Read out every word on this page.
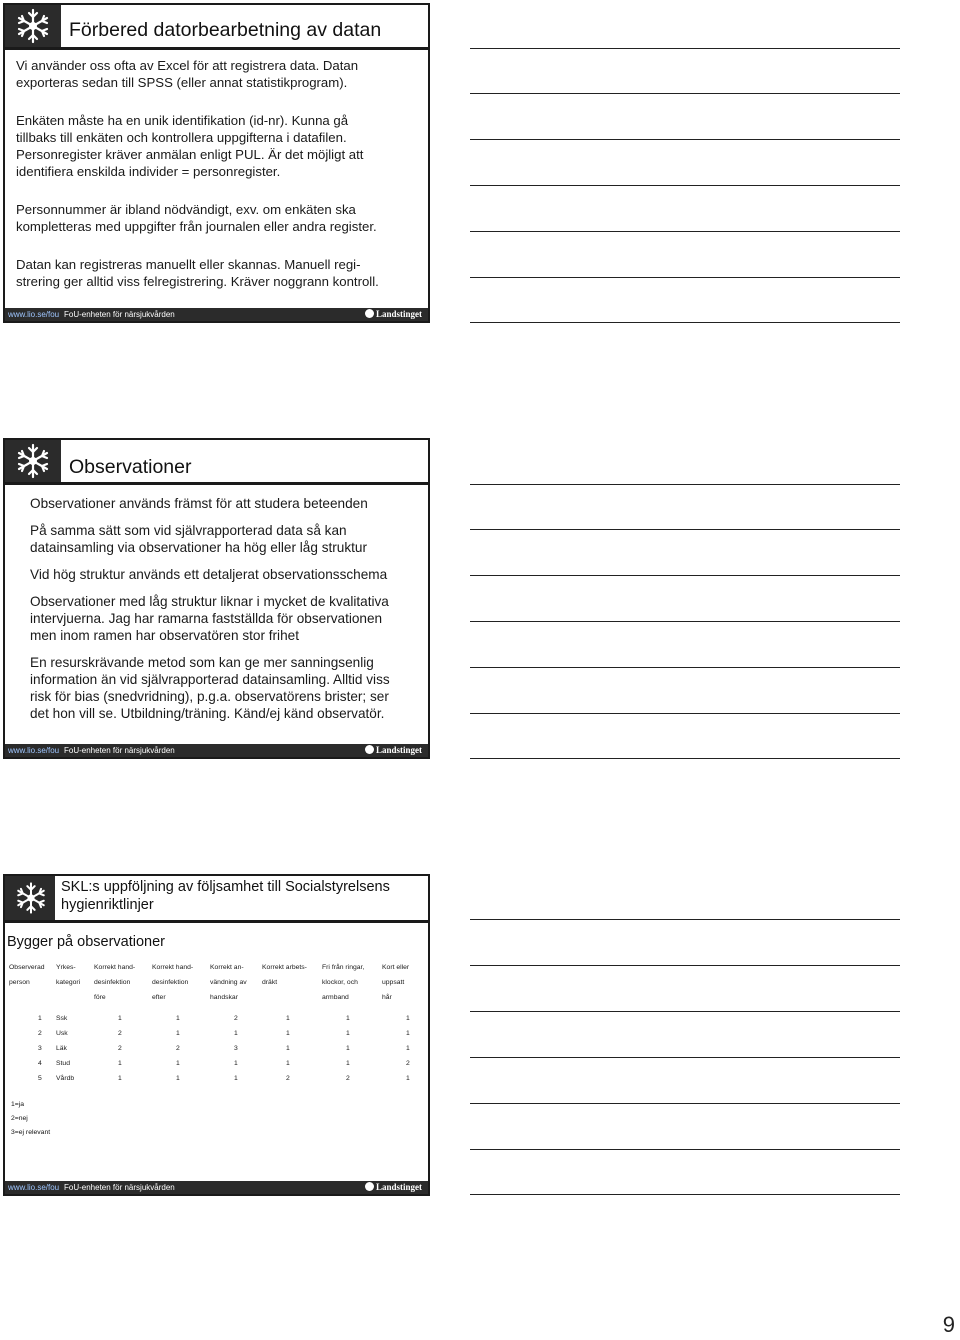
Förbered datorbearbetning av datan

Vi använder oss ofta av Excel för att registrera data. Datan
exporteras sedan till SPSS (eller annat statistikprogram).

Enkäten måste ha en unik identifikation (id-nr). Kunna gå
tillbaks till enkäten och kontrollera uppgifterna i datafilen.
Personregister kräver anmälan enligt PUL. Är det möjligt att
identifiera enskilda individer = personregister.

Personnummer är ibland nödvändigt, exv. om enkäten ska
kompletteras med uppgifter från journalen eller andra register.

Datan kan registreras manuellt eller skannas. Manuell regi-
strering ger alltid viss felregistrering. Kräver noggrann kontroll.

www.lio.se/fou FoU-enheten för närsjukvården	Landstinget
Observationer

Observationer används främst för att studera beteenden

På samma sätt som vid självrapporterad data så kan
datainsamling via observationer ha hög eller låg struktur

Vid hög struktur används ett detaljerat observationsschema

Observationer med låg struktur liknar i mycket de kvalitativa
intervjuerna. Jag har ramarna fastställda för observationen
men inom ramen har observatören stor frihet

En resurskrävande metod som kan ge mer sanningsenlig
information än vid självrapporterad datainsamling. Alltid viss
risk för bias (snedvridning), p.g.a. observatörens brister; ser
det hon vill se. Utbildning/träning. Känd/ej känd observatör.

www.lio.se/fou FoU-enheten för närsjukvården	Landstinget
SKL:s uppföljning av följsamhet till Socialstyrelsens
hygienriktlinjer
Bygger på observationer
Observerad	Yrkes-	Korrekt hand-	Korrekt hand-	Korrekt an-	Korrekt arbets-	Fri från ringar,	Kort eller
person	kategori	desinfektion	desinfektion	vändning av	dräkt	klockor, och	uppsatt
		före	efter	handskar		armband	hår
1	Ssk	1	1	2	1	1	1
2	Usk	2	1	1	1	1	1
3	Läk	2	2	3	1	1	1
4	Stud	1	1	1	1	1	2
5	Vårdb	1	1	1	2	2	1
1=ja
2=nej
3=ej relevant
www.lio.se/fou FoU-enheten för närsjukvården	Landstinget
9
